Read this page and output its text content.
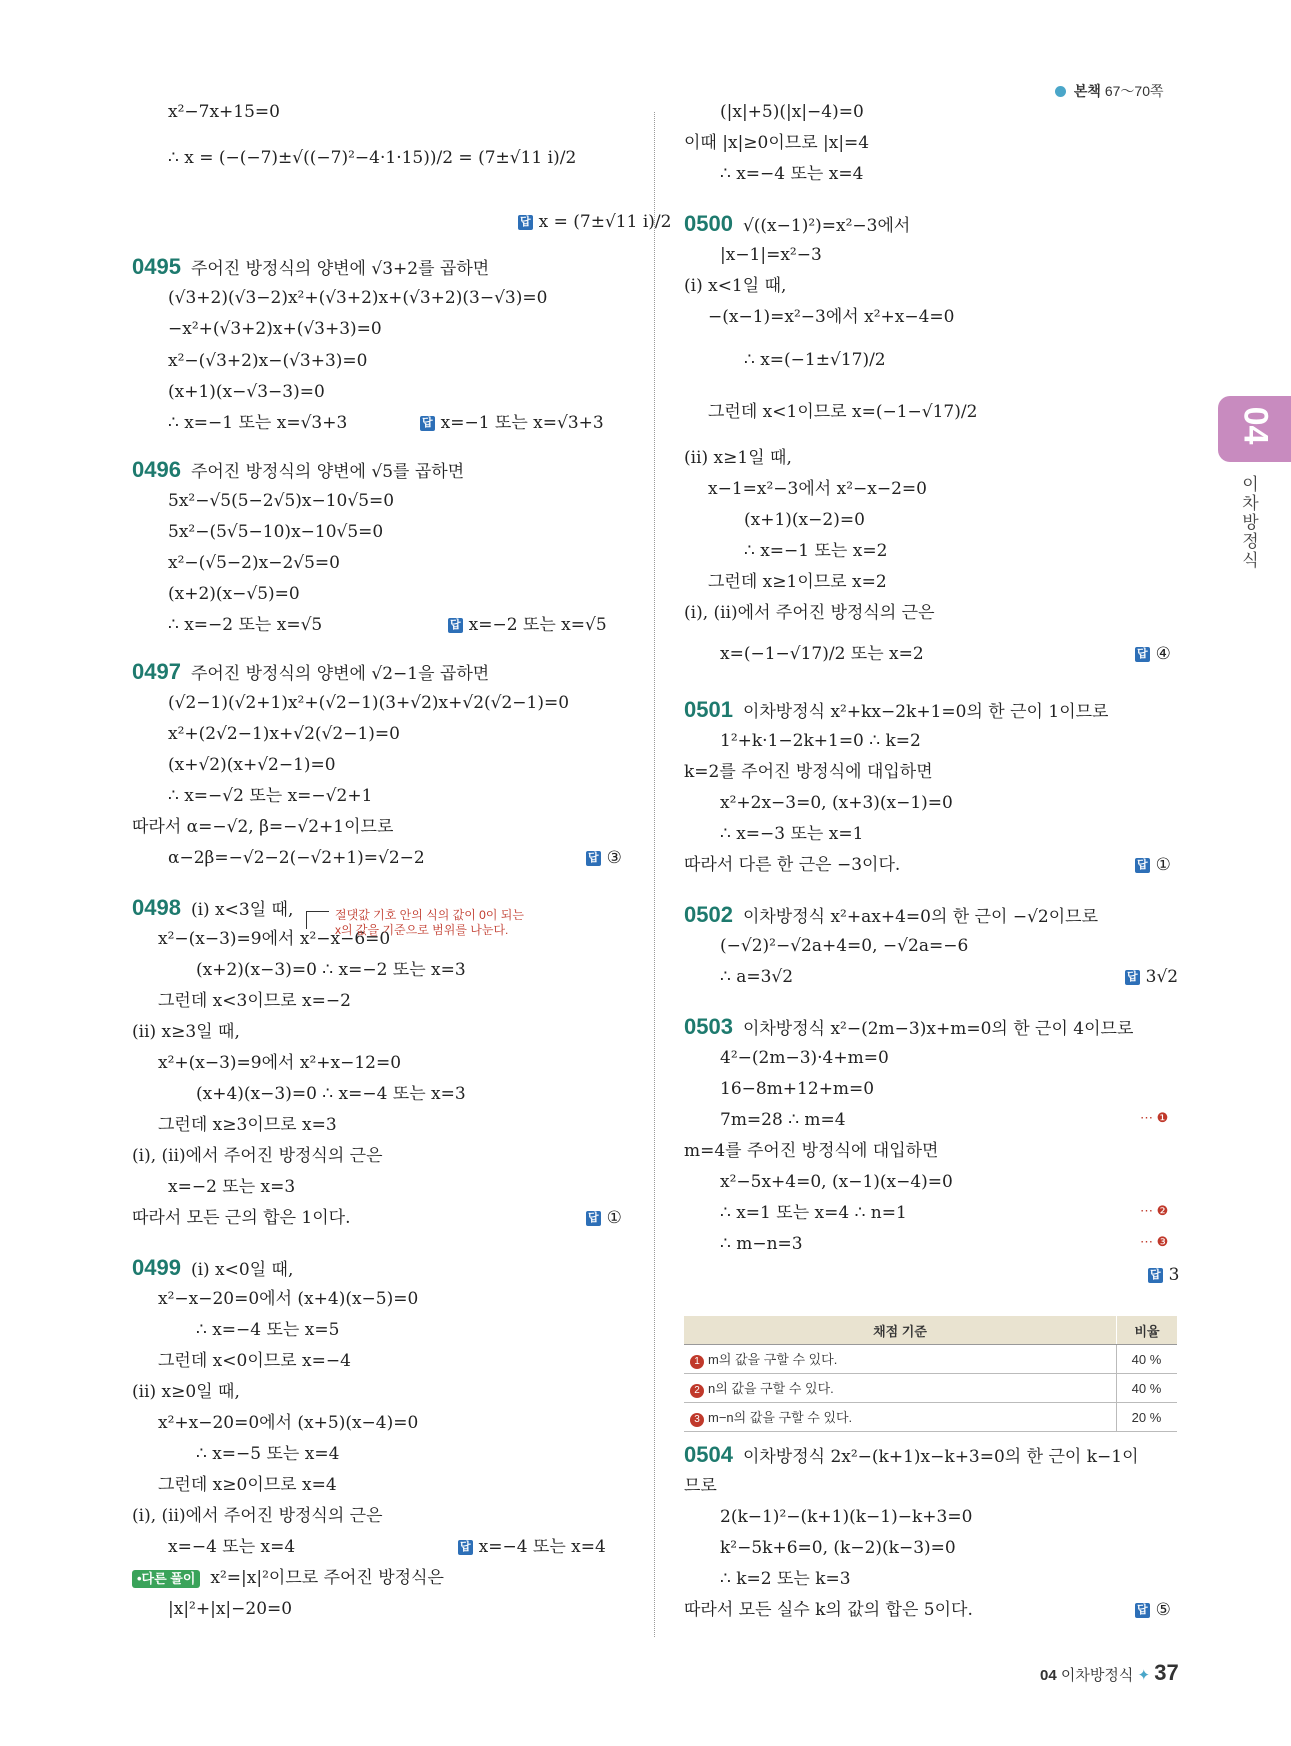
본책 67〜70쪽
04
이차방정식
x²−7x+15=0
∴ x = (−(−7)±√((−7)²−4·1·15))/2 = (7±√11 i)/2
답 x = (7±√11 i)/2
0495 주어진 방정식의 양변에 √3+2를 곱하면
(√3+2)(√3−2)x²+(√3+2)x+(√3+2)(3−√3)=0
−x²+(√3+2)x+(√3+3)=0
x²−(√3+2)x−(√3+3)=0
(x+1)(x−√3−3)=0
∴ x=−1 또는 x=√3+3	답 x=−1 또는 x=√3+3
0496 주어진 방정식의 양변에 √5를 곱하면
5x²−√5(5−2√5)x−10√5=0
5x²−(5√5−10)x−10√5=0
x²−(√5−2)x−2√5=0
(x+2)(x−√5)=0
∴ x=−2 또는 x=√5	답 x=−2 또는 x=√5
0497 주어진 방정식의 양변에 √2−1을 곱하면
(√2−1)(√2+1)x²+(√2−1)(3+√2)x+√2(√2−1)=0
x²+(2√2−1)x+√2(√2−1)=0
(x+√2)(x+√2−1)=0
∴ x=−√2 또는 x=−√2+1
따라서 α=−√2, β=−√2+1이므로
α−2β=−√2−2(−√2+1)=√2−2	답 ③
0498 (ⅰ) x<3일 때,
x²−(x−3)=9에서 x²−x−6=0
(x+2)(x−3)=0 ∴ x=−2 또는 x=3
그런데 x<3이므로 x=−2
(ⅱ) x≥3일 때,
x²+(x−3)=9에서 x²+x−12=0
(x+4)(x−3)=0 ∴ x=−4 또는 x=3
그런데 x≥3이므로 x=3
(ⅰ), (ⅱ)에서 주어진 방정식의 근은
x=−2 또는 x=3
따라서 모든 근의 합은 1이다.	답 ①
0499 (ⅰ) x<0일 때,
x²−x−20=0에서 (x+4)(x−5)=0
∴ x=−4 또는 x=5
그런데 x<0이므로 x=−4
(ⅱ) x≥0일 때,
x²+x−20=0에서 (x+5)(x−4)=0
∴ x=−5 또는 x=4
그런데 x≥0이므로 x=4
(ⅰ), (ⅱ)에서 주어진 방정식의 근은
x=−4 또는 x=4	답 x=−4 또는 x=4
•다른 풀이 x²=|x|²이므로 주어진 방정식은
|x|²+|x|−20=0
(|x|+5)(|x|−4)=0
이때 |x|≥0이므로 |x|=4
∴ x=−4 또는 x=4
0500 √((x−1)²)=x²−3에서
|x−1|=x²−3
(ⅰ) x<1일 때,
−(x−1)=x²−3에서 x²+x−4=0
∴ x=(−1±√17)/2
그런데 x<1이므로 x=(−1−√17)/2
(ⅱ) x≥1일 때,
x−1=x²−3에서 x²−x−2=0
(x+1)(x−2)=0
∴ x=−1 또는 x=2
그런데 x≥1이므로 x=2
(ⅰ), (ⅱ)에서 주어진 방정식의 근은
x=(−1−√17)/2 또는 x=2	답 ④
0501 이차방정식 x²+kx−2k+1=0의 한 근이 1이므로
1²+k·1−2k+1=0 ∴ k=2
k=2를 주어진 방정식에 대입하면
x²+2x−3=0, (x+3)(x−1)=0
∴ x=−3 또는 x=1
따라서 다른 한 근은 −3이다.	답 ①
0502 이차방정식 x²+ax+4=0의 한 근이 −√2이므로
(−√2)²−√2a+4=0, −√2a=−6
∴ a=3√2	답 3√2
0503 이차방정식 x²−(2m−3)x+m=0의 한 근이 4이므로
4²−(2m−3)·4+m=0
16−8m+12+m=0
7m=28 ∴ m=4
m=4를 주어진 방정식에 대입하면
x²−5x+4=0, (x−1)(x−4)=0
∴ x=1 또는 x=4 ∴ n=1
∴ m−n=3
답 3
0504 이차방정식 2x²−(k+1)x−k+3=0의 한 근이 k−1이
므로
2(k−1)²−(k+1)(k−1)−k+3=0
k²−5k+6=0, (k−2)(k−3)=0
∴ k=2 또는 k=3
따라서 모든 실수 k의 값의 합은 5이다.	답 ⑤
⋯ ❶
⋯ ❷
⋯ ❸
절댓값 기호 안의 식의 값이 0이 되는
x의 값을 기준으로 범위를 나눈다.
채점 기준	비율
1 m의 값을 구할 수 있다.	40 %
2 n의 값을 구할 수 있다.	40 %
3 m−n의 값을 구할 수 있다.	20 %
04 이차방정식 ✦ 37
